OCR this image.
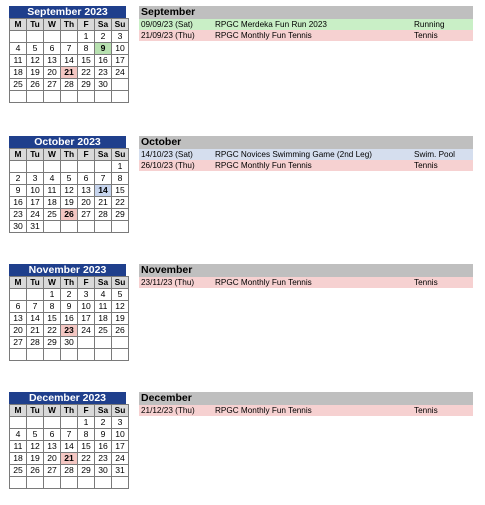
September 2023
M	Tu	W	Th	F	Sa	Su
				1	2	3
4	5	6	7	8	9	10
11	12	13	14	15	16	17
18	19	20	21	22	23	24
25	26	27	28	29	30	

September
09/09/23 (Sat)	RPGC Merdeka Fun Run 2023	Running
21/09/23 (Thu)	RPGC Monthly Fun Tennis	Tennis
October 2023
M	Tu	W	Th	F	Sa	Su
						1
2	3	4	5	6	7	8
9	10	11	12	13	14	15
16	17	18	19	20	21	22
23	24	25	26	27	28	29
30	31					
October
14/10/23 (Sat)	RPGC Novices Swimming Game (2nd Leg)	Swim. Pool
26/10/23 (Thu)	RPGC Monthly Fun Tennis	Tennis
November 2023
M	Tu	W	Th	F	Sa	Su
		1	2	3	4	5
6	7	8	9	10	11	12
13	14	15	16	17	18	19
20	21	22	23	24	25	26
27	28	29	30			

November
23/11/23 (Thu)	RPGC Monthly Fun Tennis	Tennis
December 2023
M	Tu	W	Th	F	Sa	Su
				1	2	3
4	5	6	7	8	9	10
11	12	13	14	15	16	17
18	19	20	21	22	23	24
25	26	27	28	29	30	31

December
21/12/23 (Thu)	RPGC Monthly Fun Tennis	Tennis
